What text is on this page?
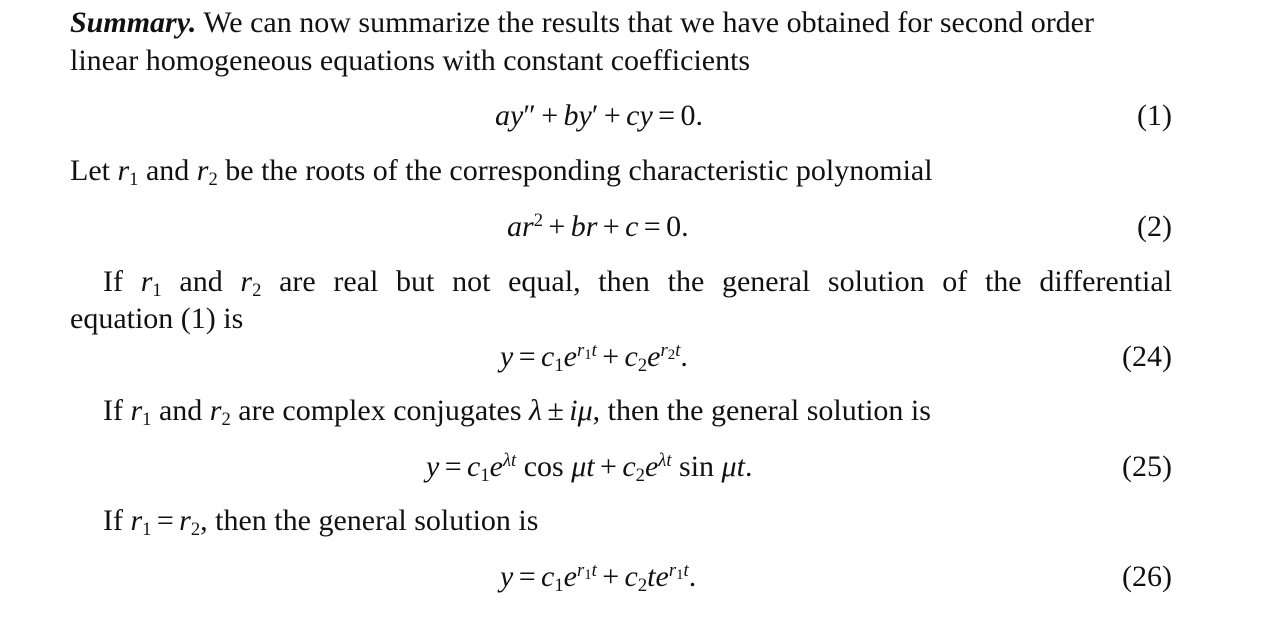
Summary. We can now summarize the results that we have obtained for second order
linear homogeneous equations with constant coefficients
ay″ + by′ + cy = 0.	(1)
Let $r_1$ and $r_2$ be the roots of the corresponding characteristic polynomial
$ar^2$ + br + c = 0.	(2)
If $r_1$ and $r_2$ are real but not equal, then the general solution of the differential
equation (1) is
$y = c_1e^{r_1t} + c_2e^{r_2t}$.	(24)
If $r_1$ and $r_2$ are complex conjugates λ ± iμ, then the general solution is
$y = c_1e^{\lambda t}$ $\cos \mu t + c_2e^{\lambda t}$ sin μt.	(25)
If $r_1 = r_2$, then the general solution is
$y = c_1e^{r_1t} + c_2te^{r_1t}$.	(26)
